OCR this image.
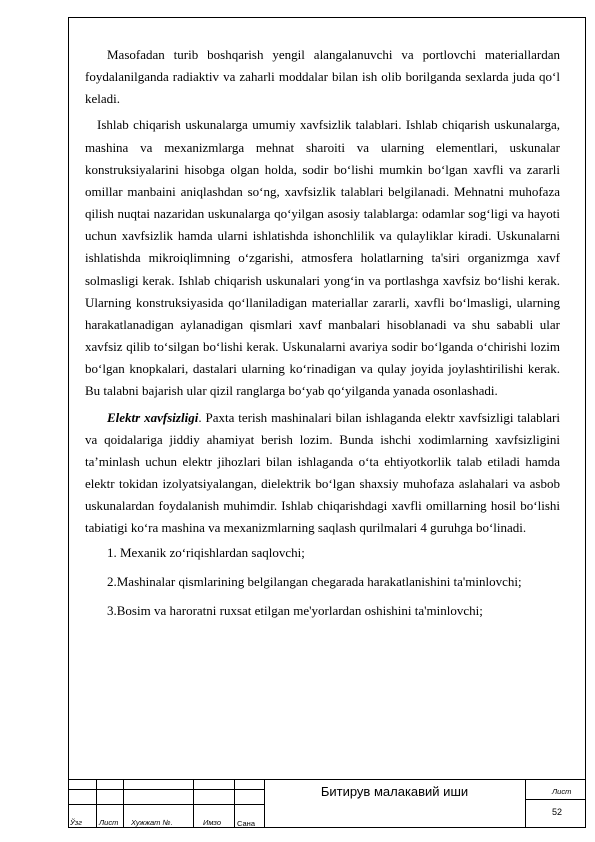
Masofadan turib boshqarish yengil alangalanuvchi va portlovchi materiallardan foydalanilganda radiaktiv va zaharli moddalar bilan ish olib borilganda sexlarda juda qo‘l keladi.

Ishlab chiqarish uskunalarga umumiy xavfsizlik talablari. Ishlab chiqarish uskunalarga, mashina va mexanizmlarga mehnat sharoiti va ularning elementlari, uskunalar konstruksiyalarini hisobga olgan holda, sodir bo‘lishi mumkin bo‘lgan xavfli va zararli omillar manbaini aniqlashdan so‘ng, xavfsizlik talablari belgilanadi. Mehnatni muhofaza qilish nuqtai nazaridan uskunalarga qo‘yilgan asosiy talablarga: odamlar sog‘ligi va hayoti uchun xavfsizlik hamda ularni ishlatishda ishonchlilik va qulayliklar kiradi. Uskunalarni ishlatishda mikroiqlimning o‘zgarishi, atmosfera holatlarning ta'siri organizmga xavf solmasligi kerak. Ishlab chiqarish uskunalari yong‘in va portlashga xavfsiz bo‘lishi kerak. Ularning konstruksiyasida qo‘llaniladigan materiallar zararli, xavfli bo‘lmasligi, ularning harakatlanadigan aylanadigan qismlari xavf manbalari hisoblanadi va shu sababli ular xavfsiz qilib to‘silgan bo‘lishi kerak. Uskunalarni avariya sodir bo‘lganda o‘chirishi lozim bo‘lgan knopkalari, dastalari ularning ko‘rinadigan va qulay joyida joylashtirilishi kerak. Bu talabni bajarish ular qizil ranglarga bo‘yab qo‘yilganda yanada osonlashadi.

Elektr xavfsizligi. Paxta terish mashinalari bilan ishlaganda elektr xavfsizligi talablari va qoidalariga jiddiy ahamiyat berish lozim. Bunda ishchi xodimlarning xavfsizligini ta’minlash uchun elektr jihozlari bilan ishlaganda o‘ta ehtiyotkorlik talab etiladi hamda elektr tokidan izolyatsiyalangan, dielektrik bo‘lgan shaxsiy muhofaza aslahalari va asbob uskunalardan foydalanish muhimdir. Ishlab chiqarishdagi xavfli omillarning hosil bo‘lishi tabiatigi ko‘ra mashina va mexanizmlarning saqlash qurilmalari 4 guruhga bo‘linadi.

1. Mexanik zo‘riqishlardan saqlovchi;

2.Mashinalar qismlarining belgilangan chegarada harakatlanishini ta'minlovchi;

3.Bosim va haroratni ruxsat etilgan me'yorlardan oshishini ta'minlovchi;

Ўзг Лист Хужжат №.	Имзо Сана
Битирув малакавий иши	Лист
52
